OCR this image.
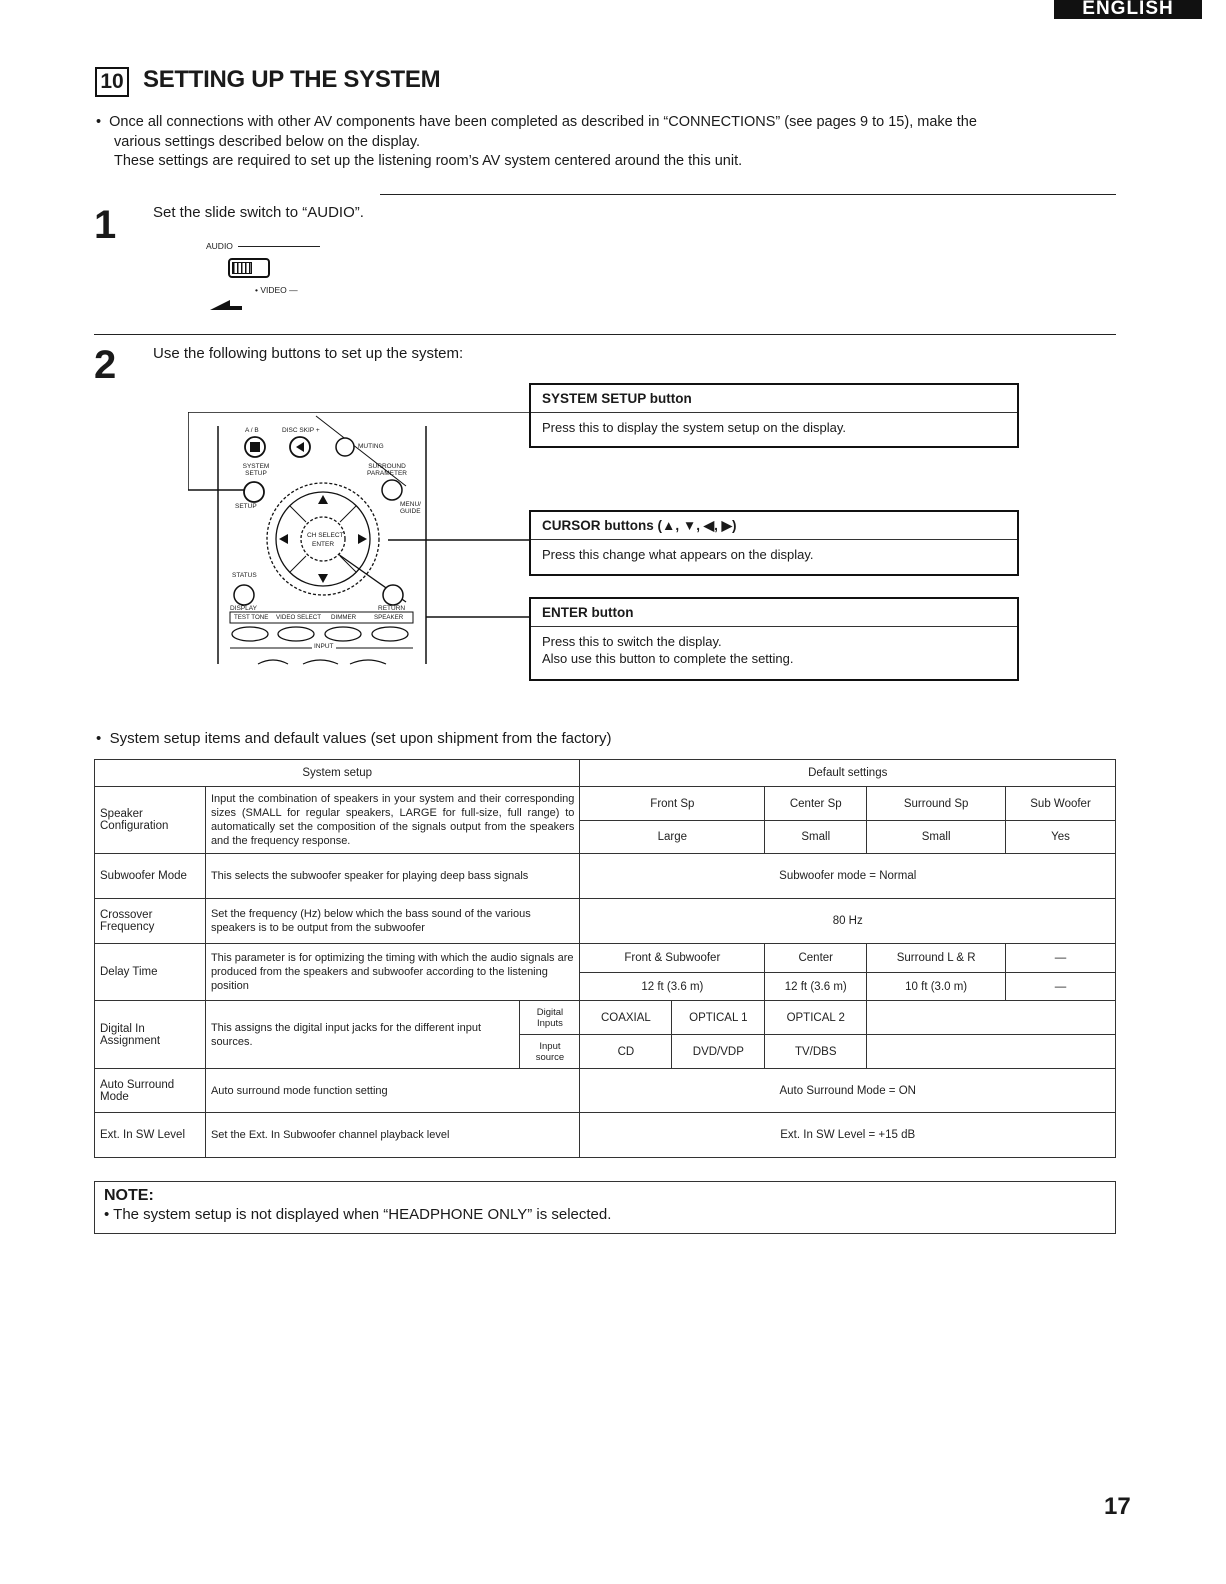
ENGLISH
10 SETTING UP THE SYSTEM

•  Once all connections with other AV components have been completed as described in “CONNECTIONS” (see pages 9 to 15), make the

various settings described below on the display.

These settings are required to set up the listening room’s AV system centered around the this unit.

1 Set the slide switch to “AUDIO”.
AUDIO
• VIDEO —
2 Use the following buttons to set up the system:
A / B	DISC SKIP +
MUTING
SYSTEM SETUP
SURROUND PARAMETER
SETUP	MENU/ GUIDE
CH SELECT
ENTER
STATUS
DISPLAY	RETURN
TEST TONE VIDEO SELECT DIMMER	SPEAKER
INPUT
SYSTEM SETUP button
Press this to display the system setup on the display.
CURSOR buttons (▲, ▼, ◀, ▶)
Press this change what appears on the display.
ENTER button
Press this to switch the display.
Also use this button to complete the setting.
•  System setup items and default values (set upon shipment from the factory)
System setup			Default settings				
Speaker Configuration	Input the combination of speakers in your system and their corresponding sizes (SMALL for regular speakers, LARGE for full-size, full range) to automatically set the composition of the signals output from the speakers and the frequency response.		Front Sp		Center Sp	Surround Sp	Sub Woofer
			Large		Small	Small	Yes
Subwoofer Mode	This selects the subwoofer speaker for playing deep bass signals		Subwoofer mode = Normal				
Crossover Frequency	Set the frequency (Hz) below which the bass sound of the various speakers is to be output from the subwoofer		80 Hz				
Delay Time	This parameter is for optimizing the timing with which the audio signals are produced from the speakers and subwoofer according to the listening position		Front & Subwoofer		Center	Surround L & R	—
			12 ft (3.6 m)		12 ft (3.6 m)	10 ft (3.0 m)	—
Digital In Assignment	This assigns the digital input jacks for the different input sources.	Digital Inputs	COAXIAL	OPTICAL 1	OPTICAL 2		
		Input source	CD	DVD/VDP	TV/DBS		
Auto Surround Mode	Auto surround mode function setting		Auto Surround Mode = ON				
Ext. In SW Level	Set the Ext. In Subwoofer channel playback level		Ext. In SW Level = +15 dB				
NOTE:
• The system setup is not displayed when “HEADPHONE ONLY” is selected.
17
